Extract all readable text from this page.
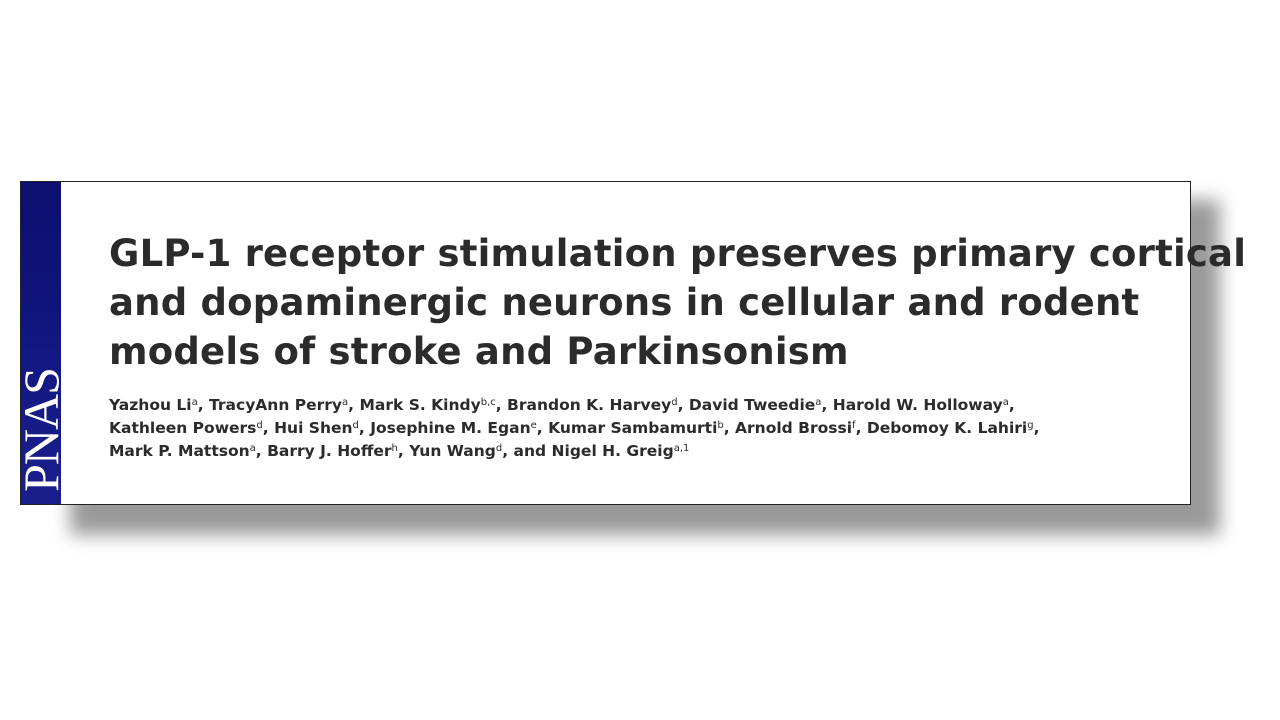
PNAS
GLP-1 receptor stimulation preserves primary cortical
and dopaminergic neurons in cellular and rodent
models of stroke and Parkinsonism
Yazhou Li$^a$, TracyAnn Perry$^a$, Mark S. Kindy$^{b,c}$, Brandon K. Harvey$^d$, David Tweedie$^a$, Harold W. Holloway$^a$,
Kathleen Powers$^d$, Hui Shen$^d$, Josephine M. Egan$^e$, Kumar Sambamurti$^b$, Arnold Brossi$^f$, Debomoy K. Lahiri$^g$,
Mark P. Mattson$^a$, Barry J. Hoffer$^h$, Yun Wang$^d$, and Nigel H. Greig$^{a,1}$
